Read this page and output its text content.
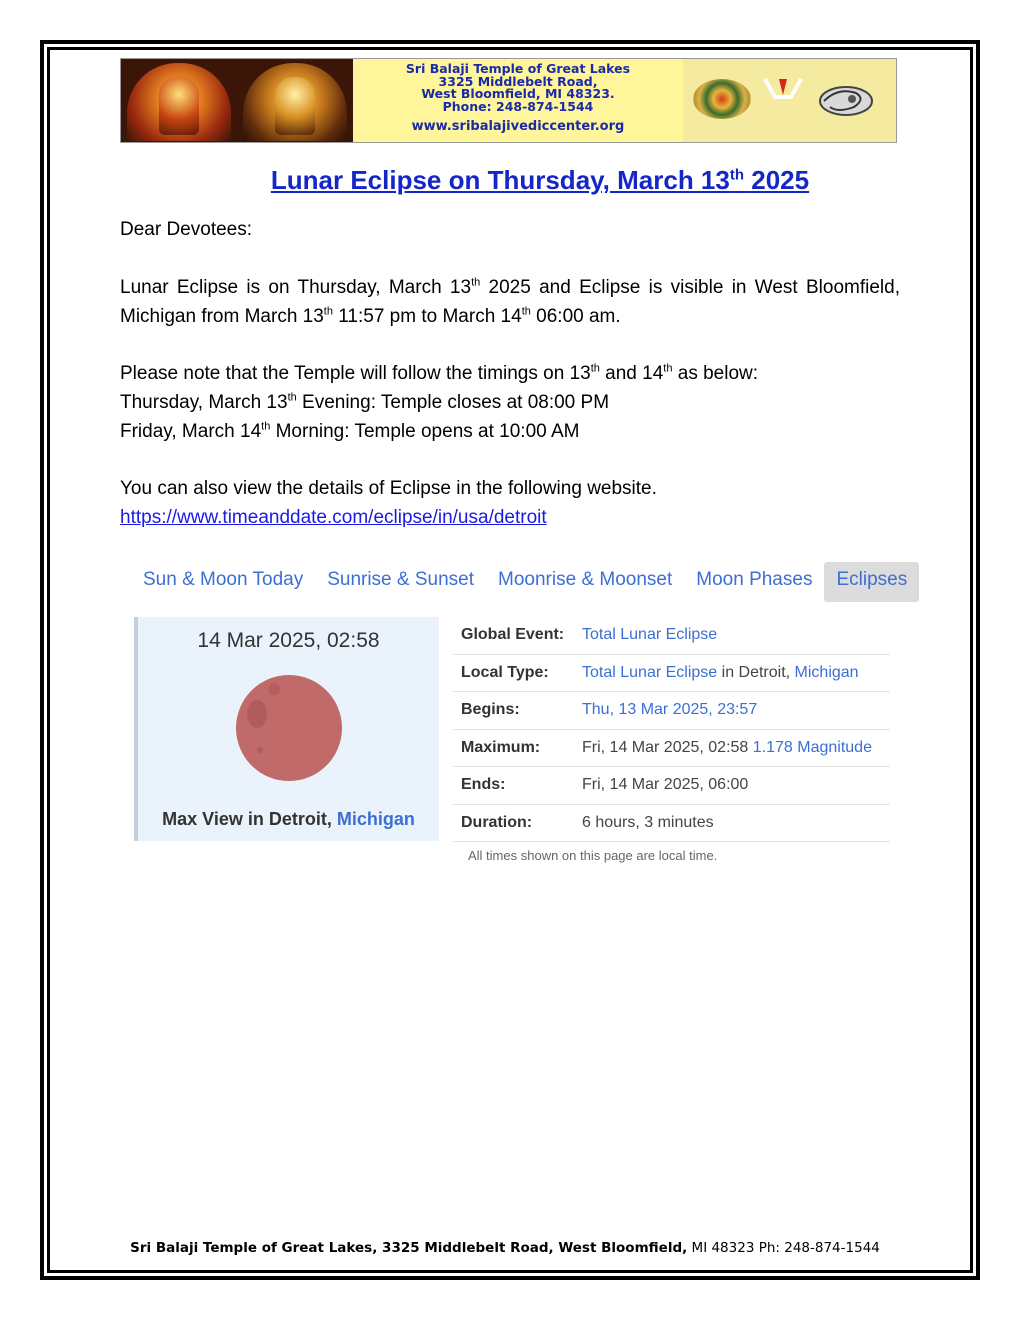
Sri Balaji Temple of Great Lakes
3325 Middlebelt Road,
West Bloomfield, MI 48323.
Phone: 248-874-1544
www.sribalajivediccenter.org
Lunar Eclipse on Thursday, March 13th 2025
Dear Devotees:
Lunar Eclipse is on Thursday, March 13th 2025 and Eclipse is visible in West Bloomfield, Michigan from March 13th 11:57 pm to March 14th 06:00 am.
Please note that the Temple will follow the timings on 13th and 14th as below:
Thursday, March 13th Evening: Temple closes at 08:00 PM
Friday, March 14th Morning: Temple opens at 10:00 AM
You can also view the details of Eclipse in the following website.
https://www.timeanddate.com/eclipse/in/usa/detroit
Sun & Moon Today	Sunrise & Sunset	Moonrise & Moonset	Moon Phases	Eclipses
14 Mar 2025, 02:58
Max View in Detroit, Michigan
Global Event:	Total Lunar Eclipse
Local Type:	Total Lunar Eclipse in Detroit, Michigan
Begins:	Thu, 13 Mar 2025, 23:57
Maximum:	Fri, 14 Mar 2025, 02:58 1.178 Magnitude
Ends:	Fri, 14 Mar 2025, 06:00
Duration:	6 hours, 3 minutes
All times shown on this page are local time.
Sri Balaji Temple of Great Lakes, 3325 Middlebelt Road, West Bloomfield, MI 48323 Ph: 248-874-1544
